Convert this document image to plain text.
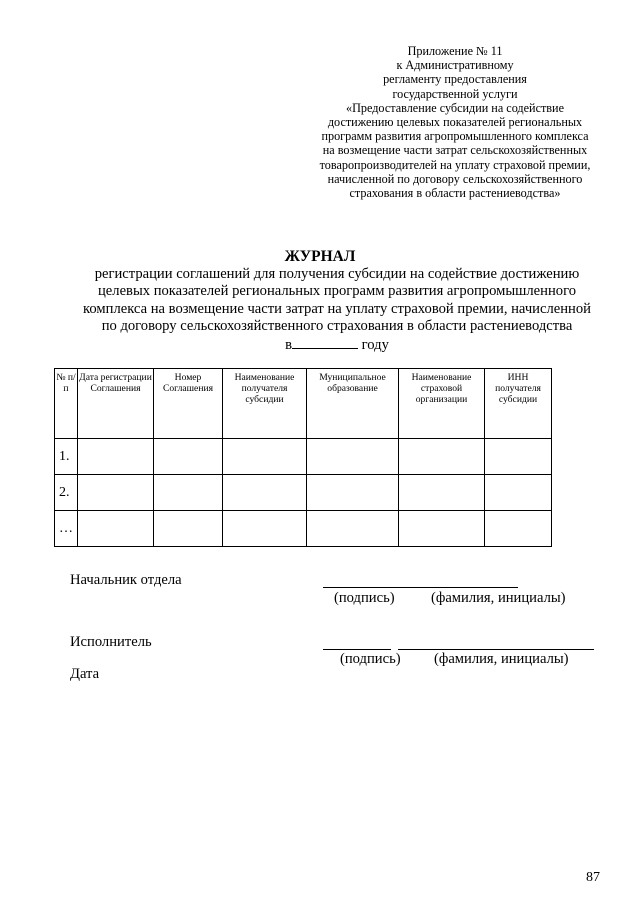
Приложение № 11
к Административному
регламенту предоставления
государственной услуги
«Предоставление субсидии на содействие
достижению целевых показателей региональных
программ развития агропромышленного комплекса
на возмещение части затрат сельскохозяйственных
товаропроизводителей на уплату страховой премии,
начисленной по договору сельскохозяйственного
страхования в области растениеводства»
ЖУРНАЛ
регистрации соглашений для получения субсидии на содействие достижению
целевых показателей региональных программ развития агропромышленного
комплекса на возмещение части затрат на уплату страховой премии, начисленной
по договору сельскохозяйственного страхования в области растениеводства
в	году
№ п/п	Дата регистрации Соглашения	Номер Соглашения	Наименование получателя субсидии	Муниципальное образование	Наименование страховой организации	ИНН получателя субсидии
1.						
2.						
…						
Начальник отдела
(подпись) (фамилия, инициалы)
Исполнитель
(подпись) (фамилия, инициалы)
Дата
87
